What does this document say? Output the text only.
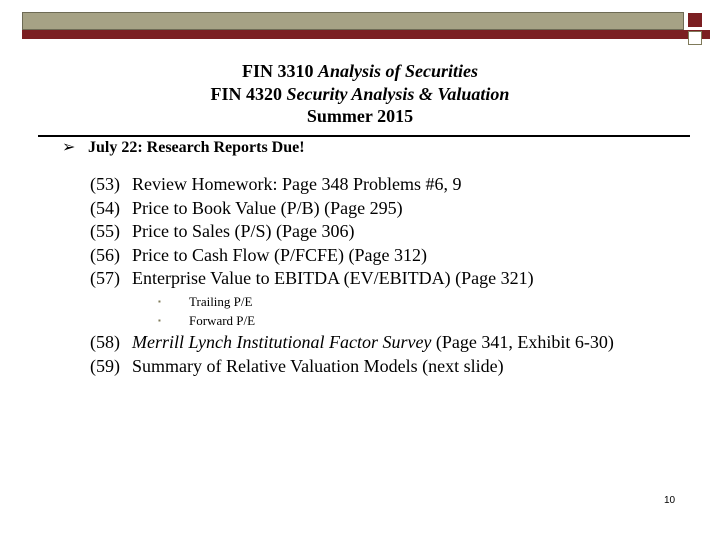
FIN 3310 Analysis of Securities
FIN 4320 Security Analysis & Valuation
Summer 2015
➢ July 22: Research Reports Due!
(53) Review Homework: Page 348 Problems #6, 9
(54) Price to Book Value (P/B) (Page 295)
(55) Price to Sales (P/S) (Page 306)
(56) Price to Cash Flow (P/FCFE) (Page 312)
(57) Enterprise Value to EBITDA (EV/EBITDA) (Page 321)
▪ Trailing P/E
▪ Forward P/E
(58) Merrill Lynch Institutional Factor Survey (Page 341, Exhibit 6-30)
(59) Summary of Relative Valuation Models (next slide)
10
